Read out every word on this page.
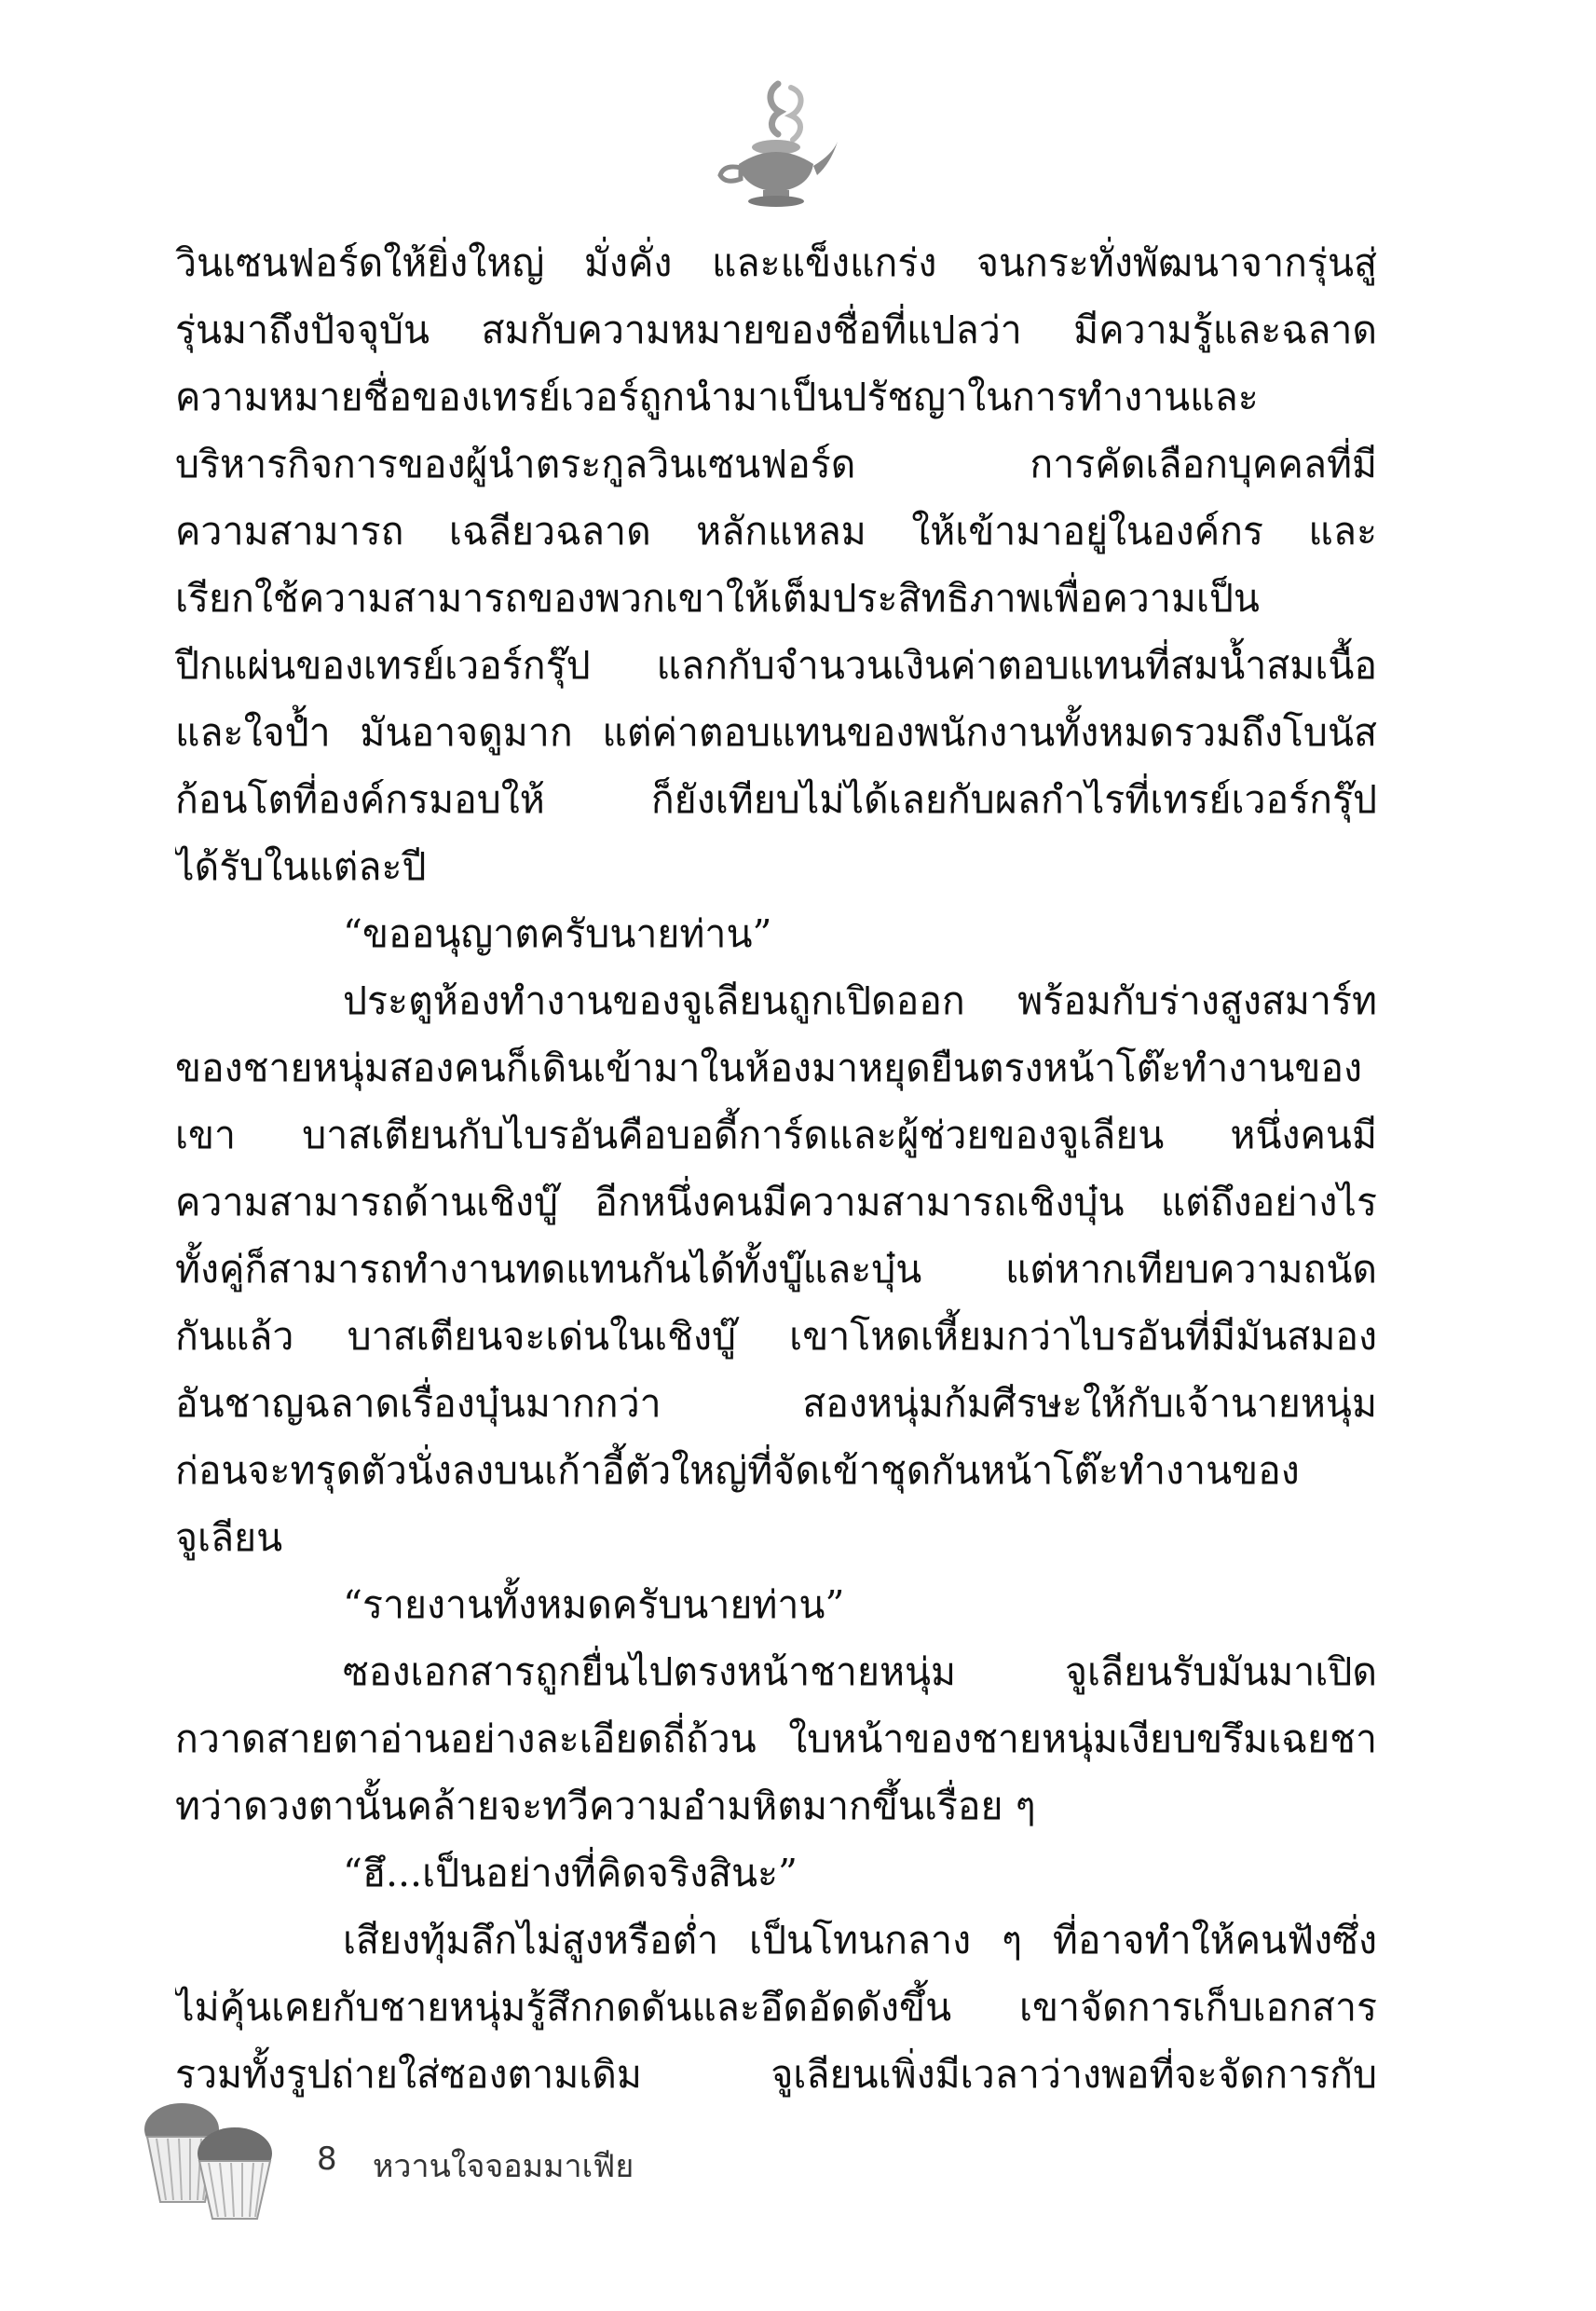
วินเซนฟอร์ดให้ยิ่งใหญ่ มั่งคั่ง และแข็งแกร่ง จนกระทั่งพัฒนาจากรุ่นสู่
รุ่นมาถึงปัจจุบัน สมกับความหมายของชื่อที่แปลว่า มีความรู้และฉลาด
ความหมายชื่อของเทรย์เวอร์ถูกนำมาเป็นปรัชญาในการทำงานและ
บริหารกิจการของผู้นำตระกูลวินเซนฟอร์ด การคัดเลือกบุคคลที่มี
ความสามารถ เฉลียวฉลาด หลักแหลม ให้เข้ามาอยู่ในองค์กร และ
เรียกใช้ความสามารถของพวกเขาให้เต็มประสิทธิภาพเพื่อความเป็น
ปีกแผ่นของเทรย์เวอร์กรุ๊ป แลกกับจำนวนเงินค่าตอบแทนที่สมน้ำสมเนื้อ
และใจป้ำ มันอาจดูมาก แต่ค่าตอบแทนของพนักงานทั้งหมดรวมถึงโบนัส
ก้อนโตที่องค์กรมอบให้ ก็ยังเทียบไม่ได้เลยกับผลกำไรที่เทรย์เวอร์กรุ๊ป
ได้รับในแต่ละปี
“ขออนุญาตครับนายท่าน”
ประตูห้องทำงานของจูเลียนถูกเปิดออก พร้อมกับร่างสูงสมาร์ท
ของชายหนุ่มสองคนก็เดินเข้ามาในห้องมาหยุดยืนตรงหน้าโต๊ะทำงานของ
เขา บาสเตียนกับไบรอันคือบอดี้การ์ดและผู้ช่วยของจูเลียน หนึ่งคนมี
ความสามารถด้านเชิงบู๊ อีกหนึ่งคนมีความสามารถเชิงบุ๋น แต่ถึงอย่างไร
ทั้งคู่ก็สามารถทำงานทดแทนกันได้ทั้งบู๊และบุ๋น แต่หากเทียบความถนัด
กันแล้ว บาสเตียนจะเด่นในเชิงบู๊ เขาโหดเหี้ยมกว่าไบรอันที่มีมันสมอง
อันชาญฉลาดเรื่องบุ๋นมากกว่า สองหนุ่มก้มศีรษะให้กับเจ้านายหนุ่ม
ก่อนจะทรุดตัวนั่งลงบนเก้าอี้ตัวใหญ่ที่จัดเข้าชุดกันหน้าโต๊ะทำงานของ
จูเลียน
“รายงานทั้งหมดครับนายท่าน”
ซองเอกสารถูกยื่นไปตรงหน้าชายหนุ่ม จูเลียนรับมันมาเปิด
กวาดสายตาอ่านอย่างละเอียดถี่ถ้วน ใบหน้าของชายหนุ่มเงียบขรึมเฉยชา
ทว่าดวงตานั้นคล้ายจะทวีความอำมหิตมากขึ้นเรื่อย ๆ
“ฮึ...เป็นอย่างที่คิดจริงสินะ”
เสียงทุ้มลึกไม่สูงหรือต่ำ เป็นโทนกลาง ๆ ที่อาจทำให้คนฟังซึ่ง
ไม่คุ้นเคยกับชายหนุ่มรู้สึกกดดันและอึดอัดดังขึ้น เขาจัดการเก็บเอกสาร
รวมทั้งรูปถ่ายใส่ซองตามเดิม จูเลียนเพิ่งมีเวลาว่างพอที่จะจัดการกับ
8 หวานใจจอมมาเฟีย
